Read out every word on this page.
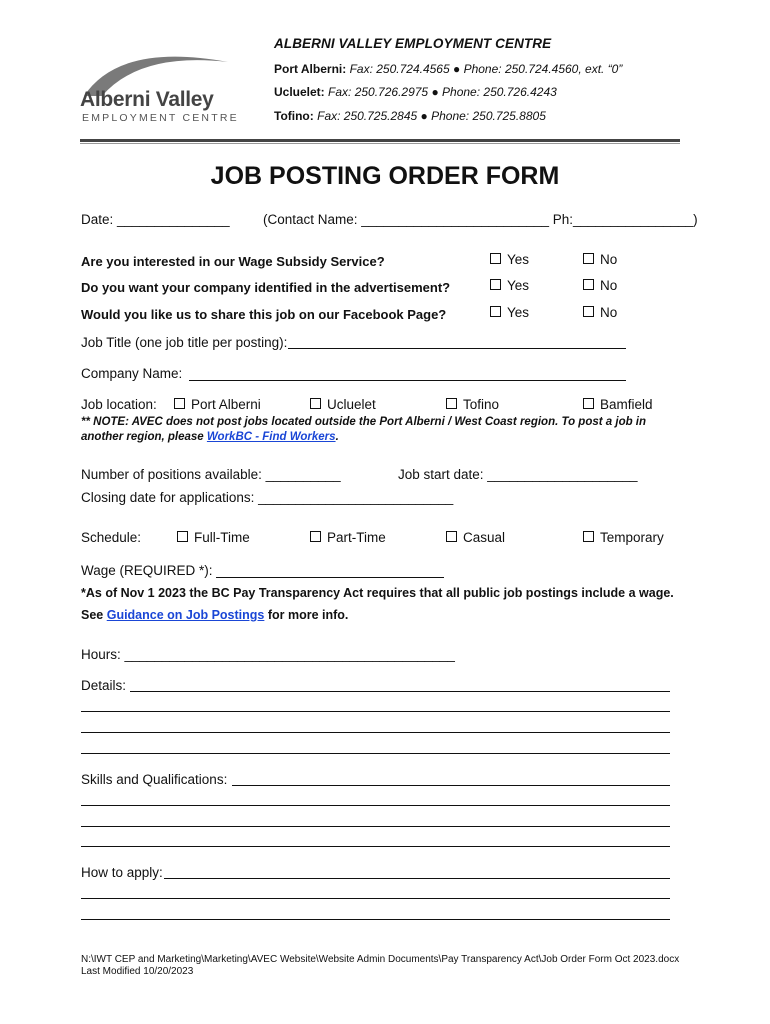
Alberni Valley
EMPLOYMENT CENTRE
ALBERNI VALLEY EMPLOYMENT CENTRE
Port Alberni: Fax: 250.724.4565 ● Phone: 250.724.4560, ext. “0”
Ucluelet: Fax: 250.726.2975 ● Phone: 250.726.4243
Tofino: Fax: 250.725.2845 ● Phone: 250.725.8805
JOB POSTING ORDER FORM
Date: _______________ (Contact Name: _________________________ Ph:________________)
Are you interested in our Wage Subsidy Service?	Yes	No
Do you want your company identified in the advertisement?	Yes	No
Would you like us to share this job on our Facebook Page?	Yes	No
Job Title (one job title per posting):
Company Name:
Job location:	Port Alberni	Ucluelet	Tofino	Bamfield
** NOTE: AVEC does not post jobs located outside the Port Alberni / West Coast region. To post a job in
another region, please WorkBC - Find Workers.
Number of positions available: __________	Job start date: ____________________
Closing date for applications: __________________________
Schedule:	Full-Time	Part-Time	Casual	Temporary
Wage (REQUIRED *):
*As of Nov 1 2023 the BC Pay Transparency Act requires that all public job postings include a wage.
See Guidance on Job Postings for more info.
Hours: ____________________________________________
Details:
Skills and Qualifications:
How to apply:
N:\IWT CEP and Marketing\Marketing\AVEC Website\Website Admin Documents\Pay Transparency Act\Job Order Form Oct 2023.docx
Last Modified 10/20/2023
